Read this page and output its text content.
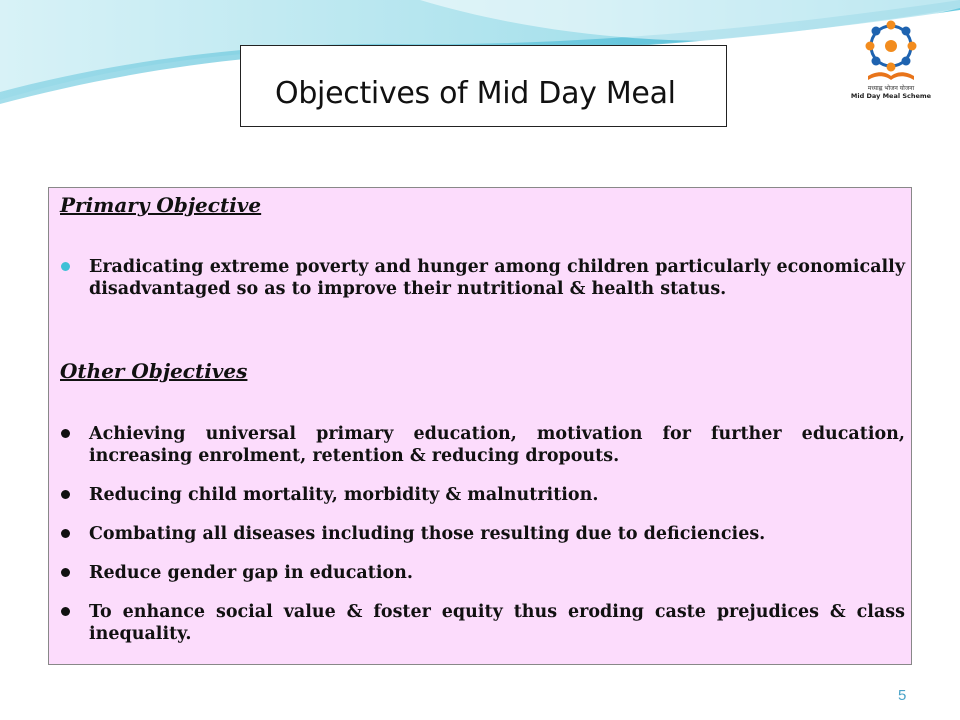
Objectives of Mid Day Meal	मध्याह्न भोजन योजना
Mid Day Meal Scheme
Primary Objective
Eradicating extreme poverty and hunger among children particularly economically disadvantaged so as to improve their nutritional & health status.
Other Objectives
Achieving universal primary education, motivation for further education, increasing enrolment, retention & reducing dropouts.
Reducing child mortality, morbidity & malnutrition.
Combating all diseases including those resulting due to deficiencies.
Reduce gender gap in education.
To enhance social value & foster equity thus eroding caste prejudices & class inequality.
5
